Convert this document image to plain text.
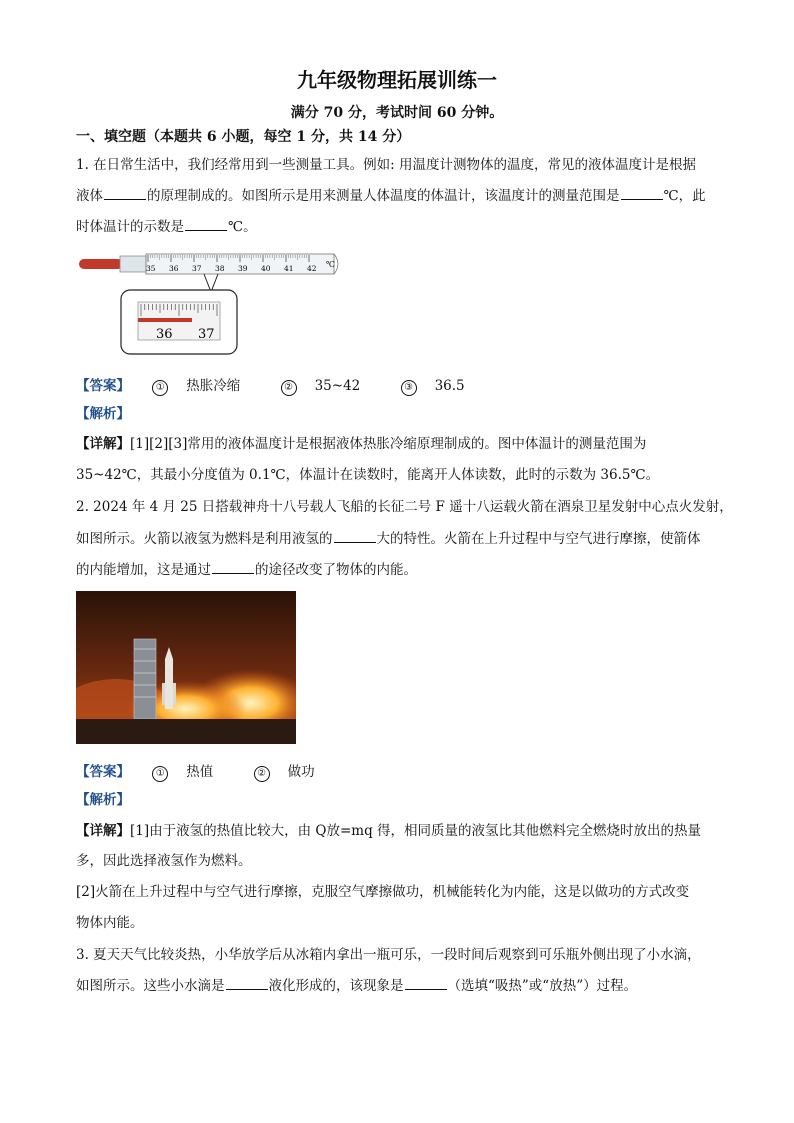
九年级物理拓展训练一
满分 70 分，考试时间 60 分钟。
一、填空题（本题共 6 小题，每空 1 分，共 14 分）
1. 在日常生活中，我们经常用到一些测量工具。例如: 用温度计测物体的温度，常见的液体温度计是根据
液体	的原理制成的。如图所示是用来测量人体温度的体温计，该温度计的测量范围是	℃，此
时体温计的示数是	℃。
35 36 37 38 39 40 41 42 ℃
36 37
【答案】	① 热胀冷缩	② 35~42	③ 36.5
【解析】
【详解】[1][2][3]常用的液体温度计是根据液体热胀冷缩原理制成的。图中体温计的测量范围为
35~42℃，其最小分度值为 0.1℃，体温计在读数时，能离开人体读数，此时的示数为 36.5℃。
2. 2024 年 4 月 25 日搭载神舟十八号载人飞船的长征二号 F 遥十八运载火箭在酒泉卫星发射中心点火发射，
如图所示。火箭以液氢为燃料是利用液氢的	大的特性。火箭在上升过程中与空气进行摩擦，使箭体
的内能增加，这是通过	的途径改变了物体的内能。
【答案】	① 热值	② 做功
【解析】
【详解】[1]由于液氢的热值比较大，由 Q放=mq 得，相同质量的液氢比其他燃料完全燃烧时放出的热量
多，因此选择液氢作为燃料。
[2]火箭在上升过程中与空气进行摩擦，克服空气摩擦做功，机械能转化为内能，这是以做功的方式改变
物体内能。
3. 夏天天气比较炎热，小华放学后从冰箱内拿出一瓶可乐，一段时间后观察到可乐瓶外侧出现了小水滴，
如图所示。这些小水滴是	液化形成的，该现象是	（选填“吸热”或“放热”）过程。
